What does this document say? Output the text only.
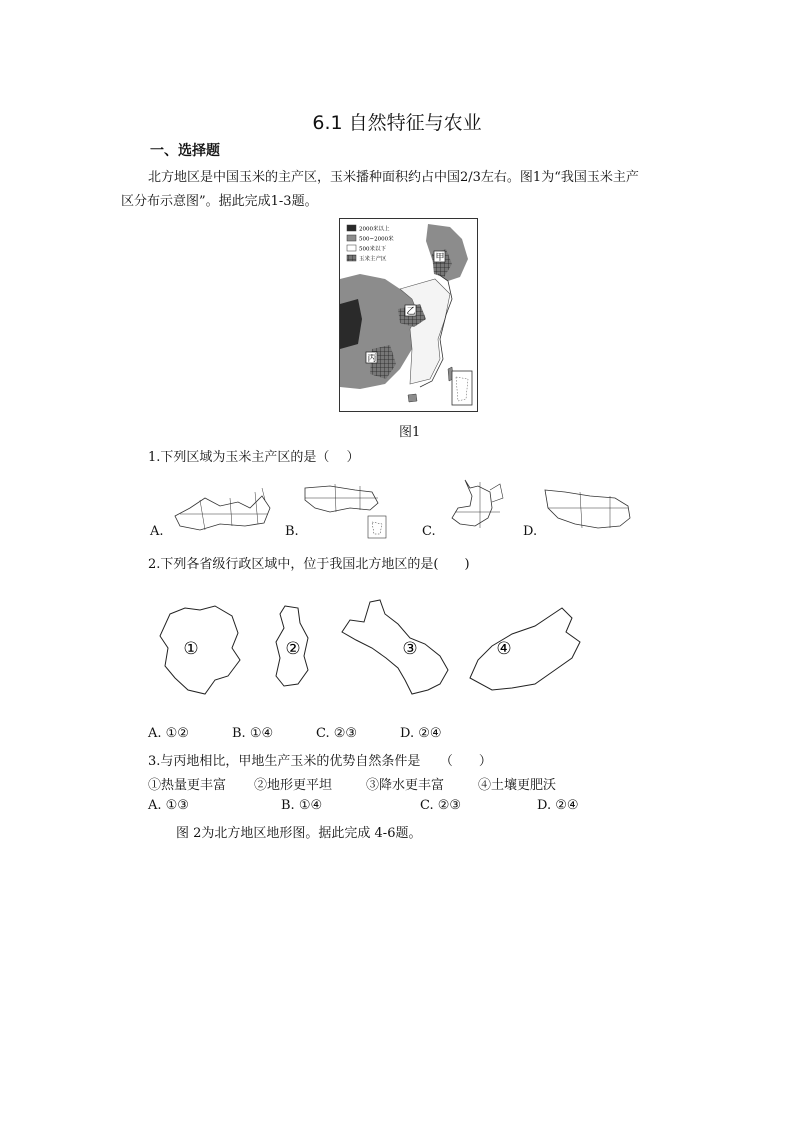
6.1 自然特征与农业
一、选择题
北方地区是中国玉米的主产区，玉米播种面积约占中国2/3左右。图1为“我国玉米主产
区分布示意图”。据此完成1-3题。
2000米以上
500~2000米
500米以下
玉米主产区	甲
乙
丙
图1
1.下列区域为玉米主产区的是（　 ）
A.	B.	C.	D.
2.下列各省级行政区域中，位于我国北方地区的是(　　)
①	②	③	④
A. ①②	B. ①④	C. ②③	D. ②④
3.与丙地相比，甲地生产玉米的优势自然条件是　　（　　）
①热量更丰富 ②地形更平坦	③降水更丰富	④土壤更肥沃
A. ①③	B. ①④	C. ②③	D. ②④
图 2为北方地区地形图。据此完成 4-6题。
